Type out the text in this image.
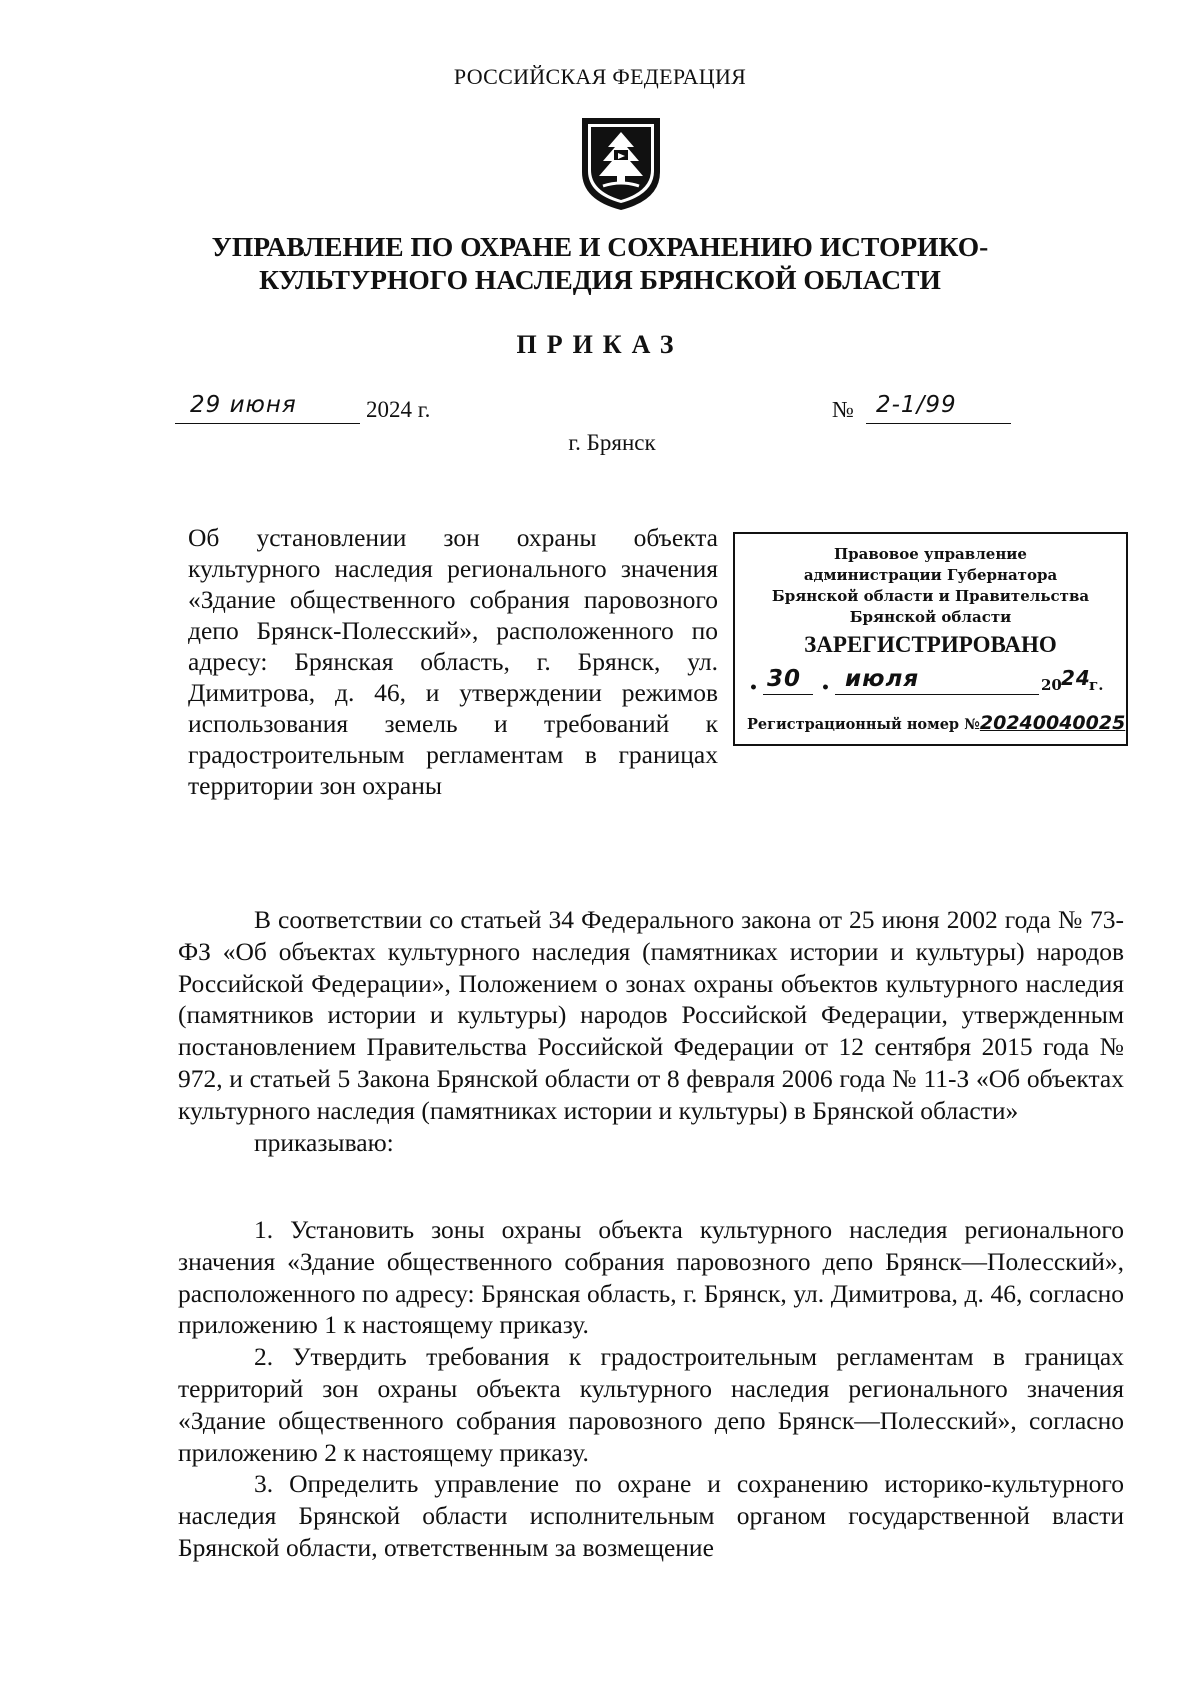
РОССИЙСКАЯ ФЕДЕРАЦИЯ
УПРАВЛЕНИЕ ПО ОХРАНЕ И СОХРАНЕНИЮ ИСТОРИКО-
КУЛЬТУРНОГО НАСЛЕДИЯ БРЯНСКОЙ ОБЛАСТИ
ПРИКАЗ
29 июня	2024 г.	№ 2-1/99
г. Брянск
Об установлении зон охраны объекта культурного наследия регионального значения «Здание общественного собрания паровозного депо Брянск-Полесский», расположенного по адресу: Брянская область, г. Брянск, ул. Димитрова, д. 46, и утверждении режимов использования земель и требований к градостроительным регламентам в границах территории зон охраны
Правовое управление
администрации Губернатора
Брянской области и Правительства
Брянской области
ЗАРЕГИСТРИРОВАНО
• 30 • июля	20 24
г.
Регистрационный номер №20240040025

В соответствии со статьей 34 Федерального закона от 25 июня 2002 года № 73-ФЗ «Об объектах культурного наследия (памятниках истории и культуры) народов Российской Федерации», Положением о зонах охраны объектов культурного наследия (памятников истории и культуры) народов Российской Федерации, утвержденным постановлением Правительства Российской Федерации от 12 сентября 2015 года № 972, и статьей 5 Закона Брянской области от 8 февраля 2006 года № 11-З «Об объектах культурного наследия (памятниках истории и культуры) в Брянской области»

приказываю:

1. Установить зоны охраны объекта культурного наследия регионального значения «Здание общественного собрания паровозного депо Брянск—Полесский», расположенного по адресу: Брянская область, г. Брянск, ул. Димитрова, д. 46, согласно приложению 1 к настоящему приказу.

2. Утвердить требования к градостроительным регламентам в границах территорий зон охраны объекта культурного наследия регионального значения «Здание общественного собрания паровозного депо Брянск—Полесский», согласно приложению 2 к настоящему приказу.

3. Определить управление по охране и сохранению историко-культурного наследия Брянской области исполнительным органом государственной власти Брянской области, ответственным за возмещение
